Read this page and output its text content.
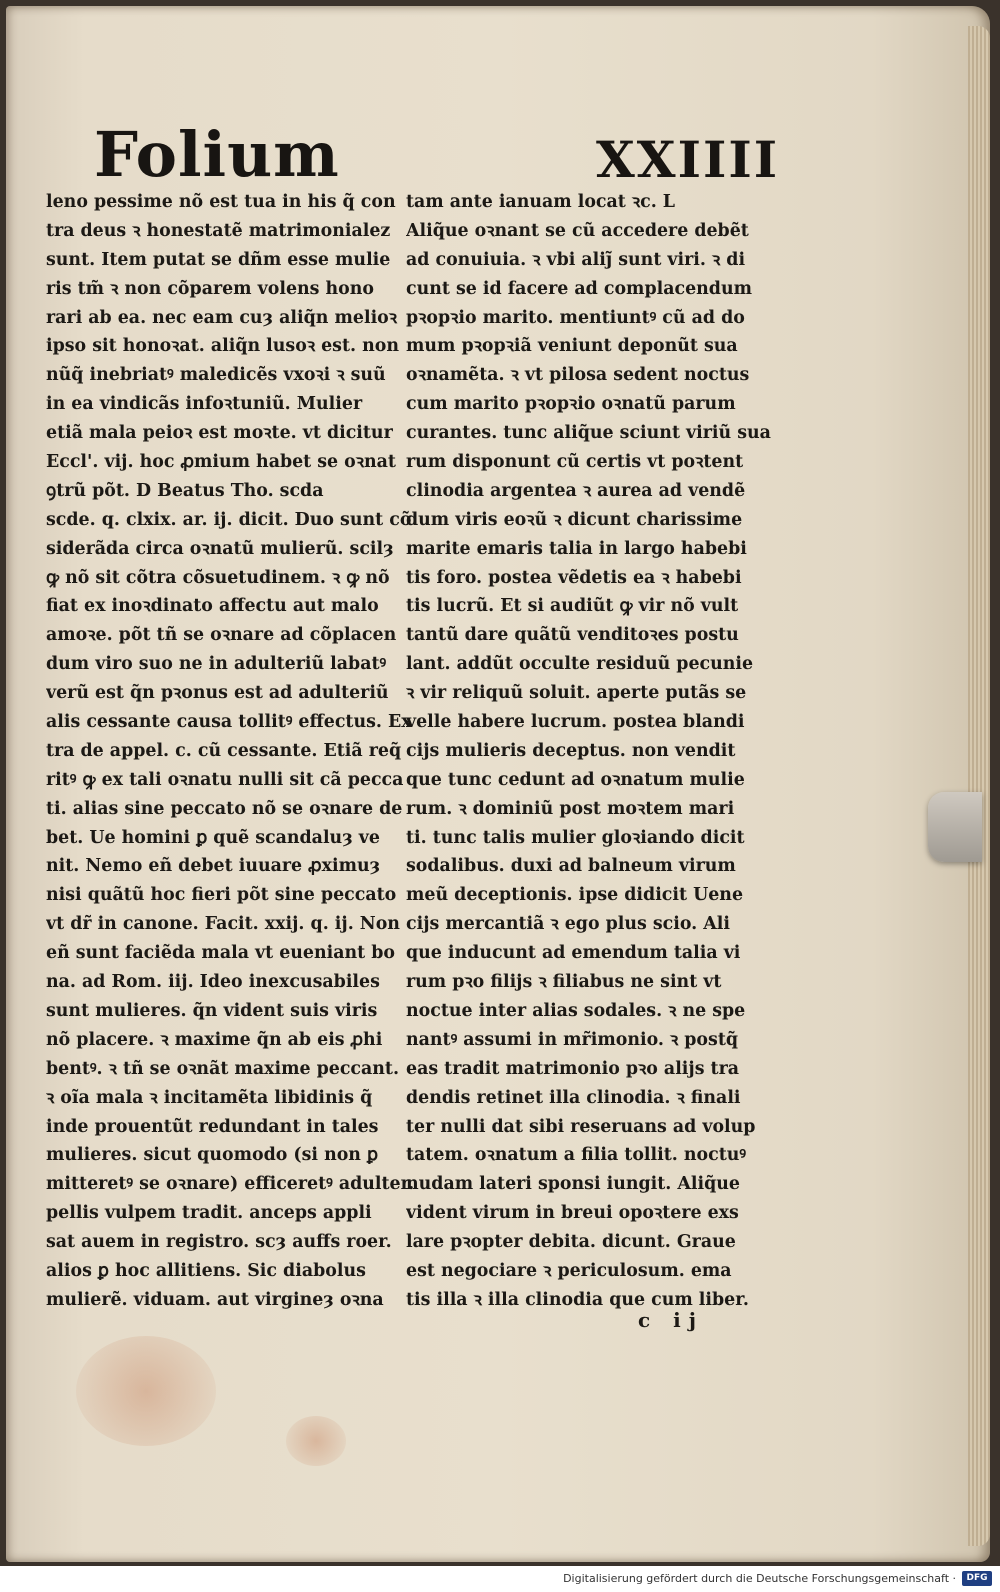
Folium	XXIIII
leno pessime nõ est tua in his q̃ con
tra deus ꝛ honestatẽ matrimonialez
sunt. Item putat se dñm esse mulie
ris tm̃ ꝛ non cõparem volens hono
rari ab ea. nec eam cuȝ aliq̃n melioꝛ
ipso sit honoꝛat. aliq̃n lusoꝛ est. non
nũq̃ inebriatꝰ maledicẽs vxoꝛi ꝛ suũ
in ea vindicãs infoꝛtuniũ. Mulier
etiã mala peioꝛ est moꝛte. vt dicitur
Eccl'. vij. hoc ꝓmium habet se oꝛnat
ꝯtrũ põt. D Beatus Tho. scda
scde. q. clxix. ar. ij. dicit. Duo sunt cõ
siderãda circa oꝛnatũ mulierũ. scilȝ
ꝙ nõ sit cõtra cõsuetudinem. ꝛ ꝙ nõ
fiat ex inoꝛdinato affectu aut malo
amoꝛe. põt tñ se oꝛnare ad cõplacen
dum viro suo ne in adulteriũ labatꝰ
verũ est q̃n pꝛonus est ad adulteriũ
alis cessante causa tollitꝰ effectus. Ex
tra de appel. c. cũ cessante. Etiã req̃
ritꝰ ꝙ ex tali oꝛnatu nulli sit cã pecca
ti. alias sine peccato nõ se oꝛnare de
bet. Ue homini ꝑ quẽ scandaluȝ ve
nit. Nemo eñ debet iuuare ꝓximuȝ
nisi quãtũ hoc fieri põt sine peccato
vt dr̃ in canone. Facit. xxij. q. ij. Non
eñ sunt faciẽda mala vt eueniant bo
na. ad Rom. iij. Ideo inexcusabiles
sunt mulieres. q̃n vident suis viris
nõ placere. ꝛ maxime q̃n ab eis ꝓhi
bentꝰ. ꝛ tñ se oꝛnãt maxime peccant.
ꝛ oĩa mala ꝛ incitamẽta libidinis q̃
inde prouentũt redundant in tales
mulieres. sicut quomodo (si non ꝑ
mitteretꝰ se oꝛnare) efficeretꝰ adulter.
pellis vulpem tradit. anceps appli
sat auem in registro. scȝ auffs roer.
alios ꝑ hoc allitiens. Sic diabolus
mulierẽ. viduam. aut virgineȝ oꝛna
tam ante ianuam locat ꝛc. L
Aliq̃ue oꝛnant se cũ accedere debẽt
ad conuiuia. ꝛ vbi aliȷ̃ sunt viri. ꝛ di
cunt se id facere ad complacendum
pꝛopꝛio marito. mentiuntꝰ cũ ad do
mum pꝛopꝛiã veniunt deponũt sua
oꝛnamẽta. ꝛ vt pilosa sedent noctus
cum marito pꝛopꝛio oꝛnatũ parum
curantes. tunc aliq̃ue sciunt viriũ sua
rum disponunt cũ certis vt poꝛtent
clinodia argentea ꝛ aurea ad vendẽ
dum viris eoꝛũ ꝛ dicunt charissime
marite emaris talia in largo habebi
tis foro. postea vẽdetis ea ꝛ habebi
tis lucrũ. Et si audiũt ꝙ vir nõ vult
tantũ dare quãtũ venditoꝛes postu
lant. addũt occulte residuũ pecunie
ꝛ vir reliquũ soluit. aperte putãs se
velle habere lucrum. postea blandi
cijs mulieris deceptus. non vendit
que tunc cedunt ad oꝛnatum mulie
rum. ꝛ dominiũ post moꝛtem mari
ti. tunc talis mulier gloꝛiando dicit
sodalibus. duxi ad balneum virum
meũ deceptionis. ipse didicit Uene
cijs mercantiã ꝛ ego plus scio. Ali
que inducunt ad emendum talia vi
rum pꝛo filijs ꝛ filiabus ne sint vt
noctue inter alias sodales. ꝛ ne spe
nantꝰ assumi in mr̃imonio. ꝛ postq̃
eas tradit matrimonio pꝛo alijs tra
dendis retinet illa clinodia. ꝛ finali
ter nulli dat sibi reseruans ad volup
tatem. oꝛnatum a filia tollit. noctuꝰ
nudam lateri sponsi iungit. Aliq̃ue
vident virum in breui opoꝛtere exs
lare pꝛopter debita. dicunt. Graue
est negociare ꝛ periculosum. ema
tis illa ꝛ illa clinodia que cum liber.
c ij
Digitalisierung gefördert durch die Deutsche Forschungsgemeinschaft ·	DFG
